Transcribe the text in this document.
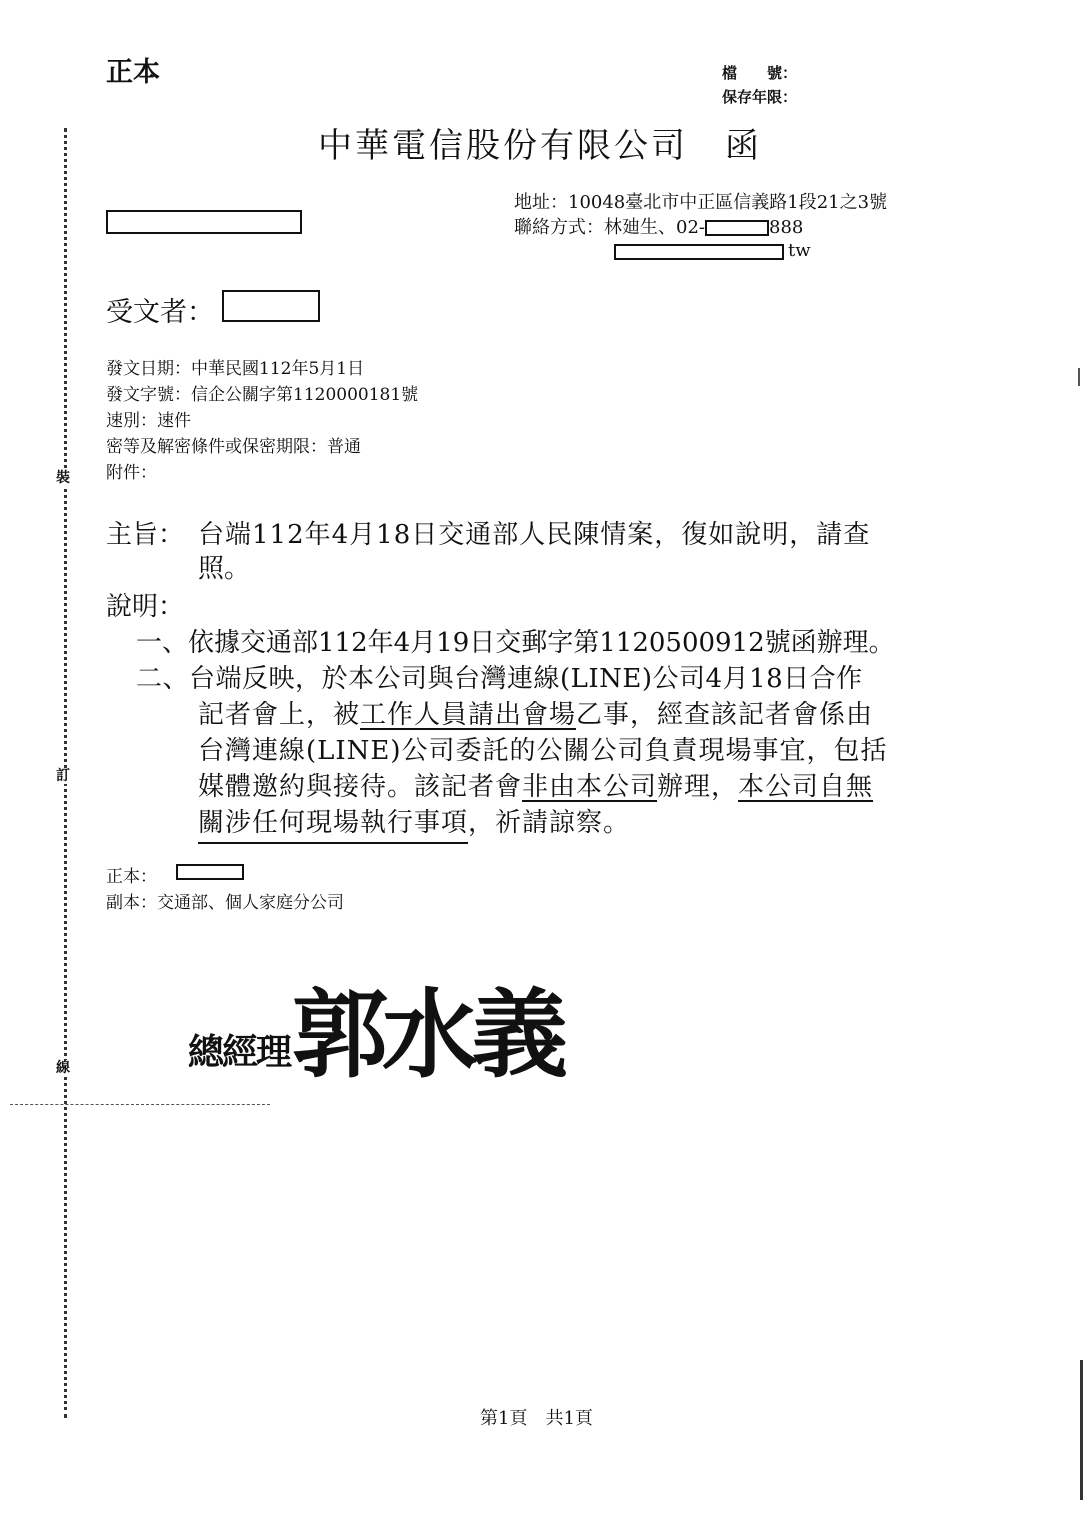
裝
訂
線
正本	檔　　號：
保存年限：
中華電信股份有限公司　函
地址：10048臺北市中正區信義路1段21之3號
聯絡方式：林廸生、02-	888
tw
受文者：
發文日期：中華民國112年5月1日
發文字號：信企公關字第1120000181號
速別：速件
密等及解密條件或保密期限：普通
附件：
主旨： 台端112年4月18日交通部人民陳情案，復如說明，請查
照。
說明：
一、依據交通部112年4月19日交郵字第1120500912號函辦理。
二、台端反映，於本公司與台灣連線(LINE)公司4月18日合作
記者會上，被工作人員請出會場乙事，經查該記者會係由
台灣連線(LINE)公司委託的公關公司負責現場事宜，包括
媒體邀約與接待。該記者會非由本公司辦理，本公司自無
關涉任何現場執行事項，祈請諒察。
正本：
副本：交通部、個人家庭分公司
總經理 郭水義
第1頁　共1頁
